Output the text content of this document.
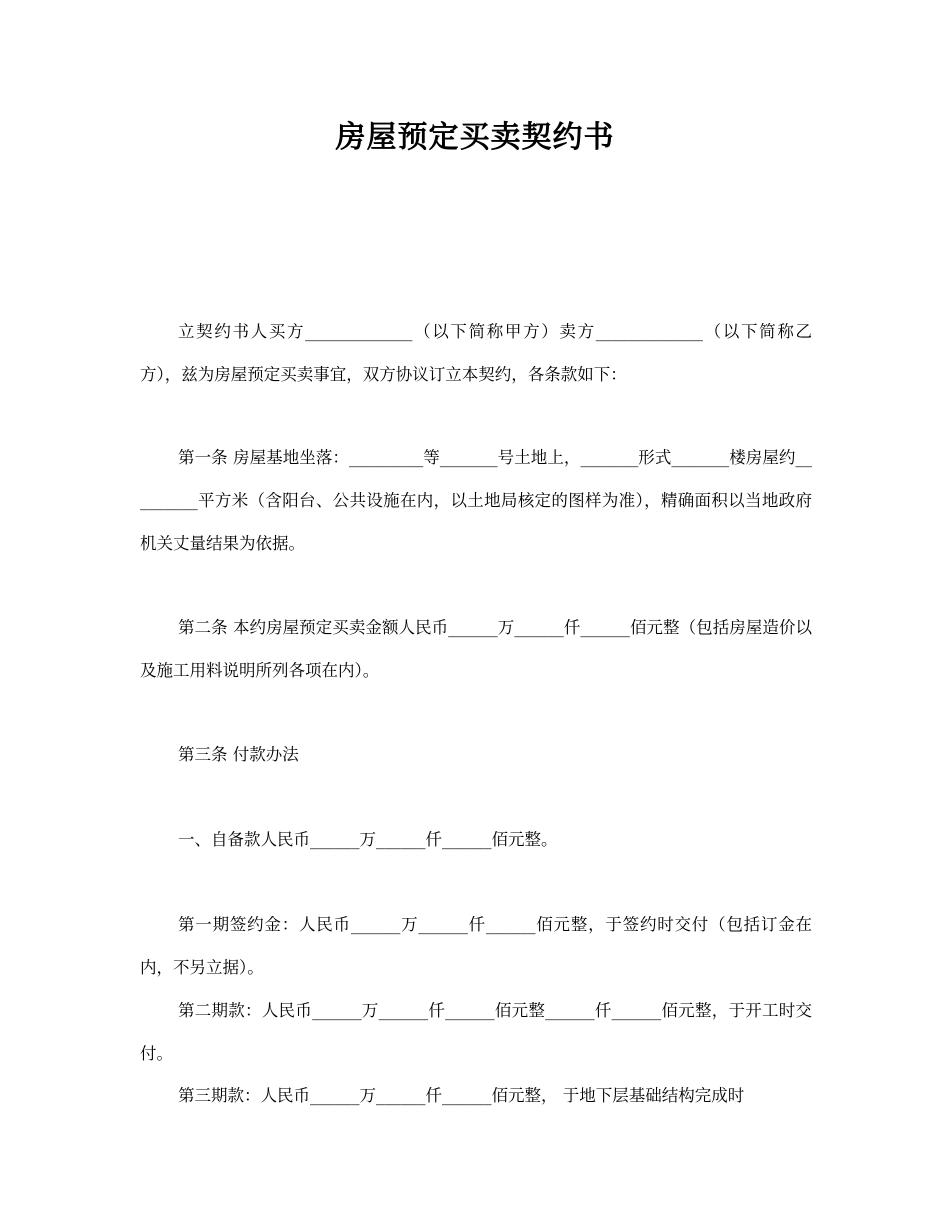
房屋预定买卖契约书

立契约书人买方_____________（以下简称甲方）卖方_____________（以下简称乙方），兹为房屋预定买卖事宜，双方协议订立本契约，各条款如下：

第一条 房屋基地坐落：_________等_______号土地上，_______形式_______楼房屋约_________平方米（含阳台、公共设施在内，以土地局核定的图样为准），精确面积以当地政府机关丈量结果为依据。

第二条 本约房屋预定买卖金额人民币______万______仟______佰元整（包括房屋造价以及施工用料说明所列各项在内）。

第三条 付款办法

一、自备款人民币______万______仟______佰元整。

第一期签约金：人民币______万______仟______佰元整，于签约时交付（包括订金在内，不另立据）。

第二期款：人民币______万______仟______佰元整______仟______佰元整，于开工时交付。

第三期款：人民币______万______仟______佰元整， 于地下层基础结构完成时
